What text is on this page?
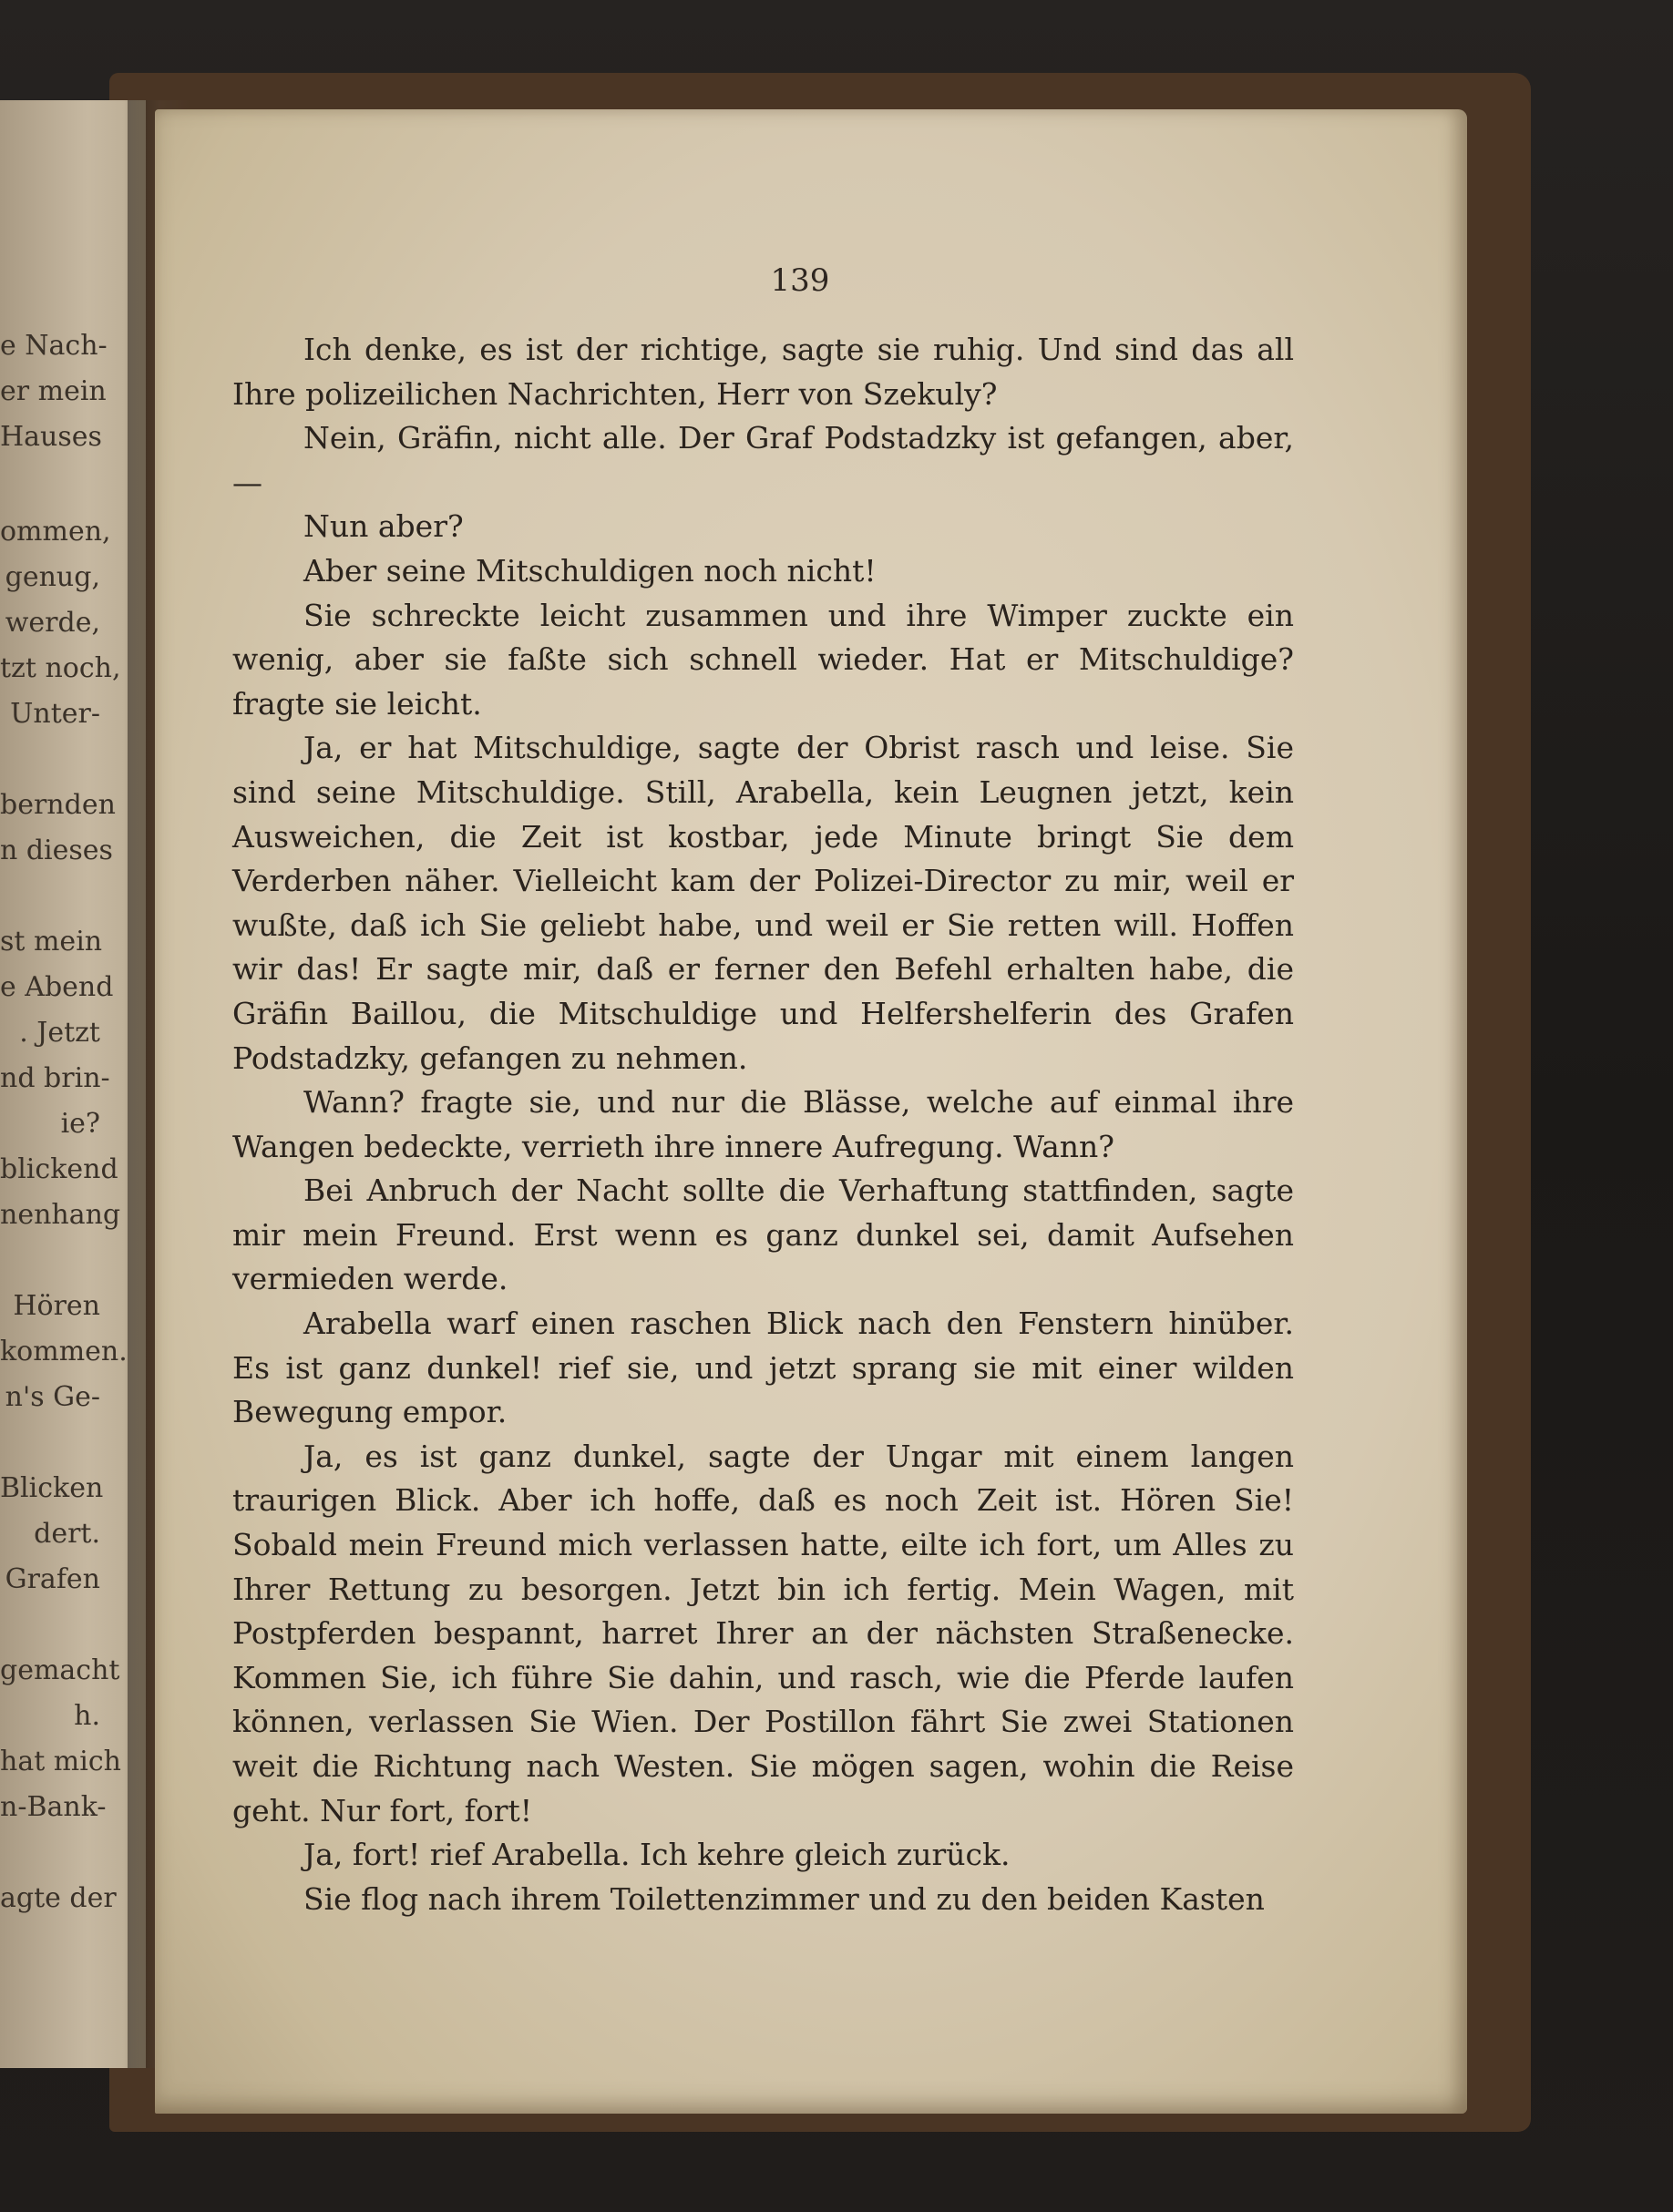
e Nach-
er mein
Hauses
ommen,
genug,
werde,
tzt noch,
Unter-
bernden
n dieses
st mein
e Abend
. Jetzt
nd brin-
ie?
blickend
nenhang
Hören
kommen.
n's Ge-
Blicken
dert.
Grafen
gemacht
h.
hat mich
n-Bank-
agte der
139

Ich denke, es ist der richtige, sagte sie ruhig. Und sind das all Ihre polizeilichen Nachrichten, Herr von Szekuly?

Nein, Gräfin, nicht alle. Der Graf Podstadzky ist gefangen, aber, —

Nun aber?

Aber seine Mitschuldigen noch nicht!

Sie schreckte leicht zusammen und ihre Wimper zuckte ein wenig, aber sie faßte sich schnell wieder. Hat er Mitschuldige? fragte sie leicht.

Ja, er hat Mitschuldige, sagte der Obrist rasch und leise. Sie sind seine Mitschuldige. Still, Arabella, kein Leugnen jetzt, kein Ausweichen, die Zeit ist kostbar, jede Minute bringt Sie dem Verderben näher. Vielleicht kam der Polizei-Director zu mir, weil er wußte, daß ich Sie geliebt habe, und weil er Sie retten will. Hoffen wir das! Er sagte mir, daß er ferner den Befehl erhalten habe, die Gräfin Baillou, die Mitschuldige und Helfershelferin des Grafen Podstadzky, gefangen zu nehmen.

Wann? fragte sie, und nur die Blässe, welche auf einmal ihre Wangen bedeckte, verrieth ihre innere Aufregung. Wann?

Bei Anbruch der Nacht sollte die Verhaftung stattfinden, sagte mir mein Freund. Erst wenn es ganz dunkel sei, damit Aufsehen vermieden werde.

Arabella warf einen raschen Blick nach den Fenstern hinüber. Es ist ganz dunkel! rief sie, und jetzt sprang sie mit einer wilden Bewegung empor.

Ja, es ist ganz dunkel, sagte der Ungar mit einem langen traurigen Blick. Aber ich hoffe, daß es noch Zeit ist. Hören Sie! Sobald mein Freund mich verlassen hatte, eilte ich fort, um Alles zu Ihrer Rettung zu besorgen. Jetzt bin ich fertig. Mein Wagen, mit Postpferden bespannt, harret Ihrer an der nächsten Straßenecke. Kommen Sie, ich führe Sie dahin, und rasch, wie die Pferde laufen können, verlassen Sie Wien. Der Postillon fährt Sie zwei Stationen weit die Richtung nach Westen. Sie mögen sagen, wohin die Reise geht. Nur fort, fort!

Ja, fort! rief Arabella. Ich kehre gleich zurück.

Sie flog nach ihrem Toilettenzimmer und zu den beiden Kasten
